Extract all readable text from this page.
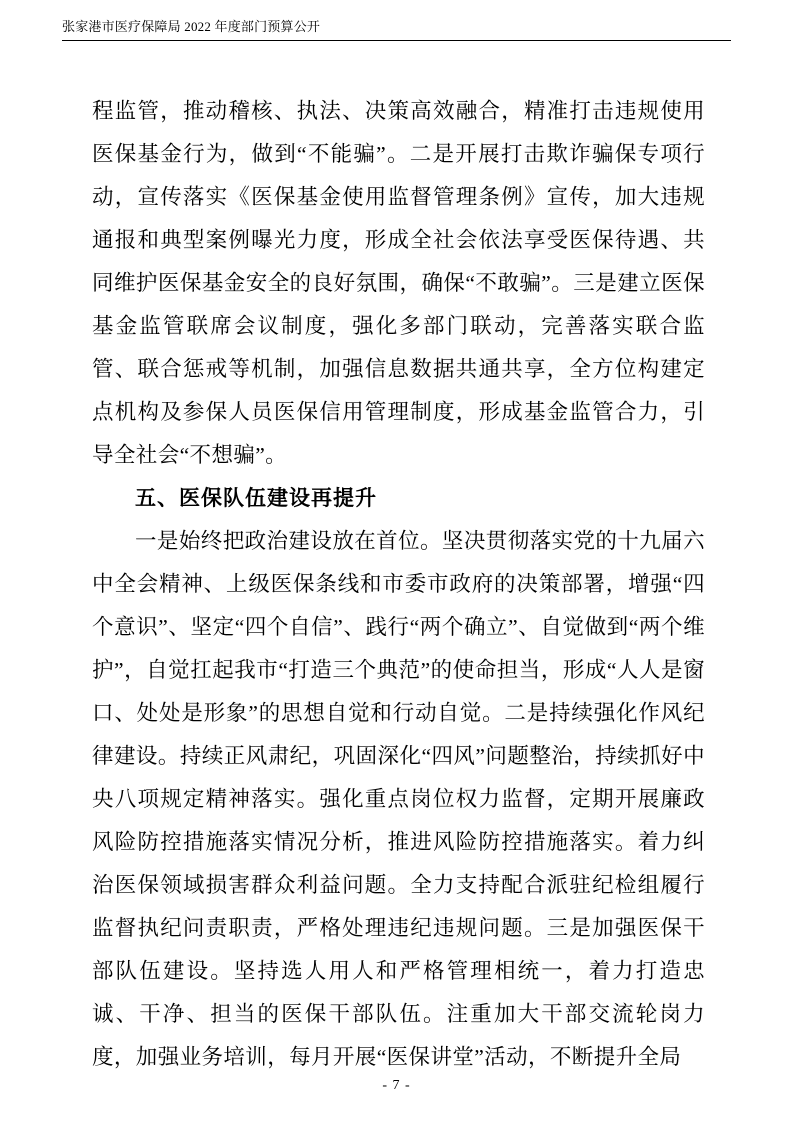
张家港市医疗保障局 2022 年度部门预算公开

程监管，推动稽核、执法、决策高效融合，精准打击违规使用医保基金行为，做到“不能骗”。二是开展打击欺诈骗保专项行动，宣传落实《医保基金使用监督管理条例》宣传，加大违规通报和典型案例曝光力度，形成全社会依法享受医保待遇、共同维护医保基金安全的良好氛围，确保“不敢骗”。三是建立医保基金监管联席会议制度，强化多部门联动，完善落实联合监管、联合惩戒等机制，加强信息数据共通共享，全方位构建定点机构及参保人员医保信用管理制度，形成基金监管合力，引导全社会“不想骗”。

五、医保队伍建设再提升

一是始终把政治建设放在首位。坚决贯彻落实党的十九届六中全会精神、上级医保条线和市委市政府的决策部署，增强“四个意识”、坚定“四个自信”、践行“两个确立”、自觉做到“两个维护”，自觉扛起我市“打造三个典范”的使命担当，形成“人人是窗口、处处是形象”的思想自觉和行动自觉。二是持续强化作风纪律建设。持续正风肃纪，巩固深化“四风”问题整治，持续抓好中央八项规定精神落实。强化重点岗位权力监督，定期开展廉政风险防控措施落实情况分析，推进风险防控措施落实。着力纠治医保领域损害群众利益问题。全力支持配合派驻纪检组履行监督执纪问责职责，严格处理违纪违规问题。三是加强医保干部队伍建设。坚持选人用人和严格管理相统一，着力打造忠诚、干净、担当的医保干部队伍。注重加大干部交流轮岗力度，加强业务培训，每月开展“医保讲堂”活动，不断提升全局

- 7 -
